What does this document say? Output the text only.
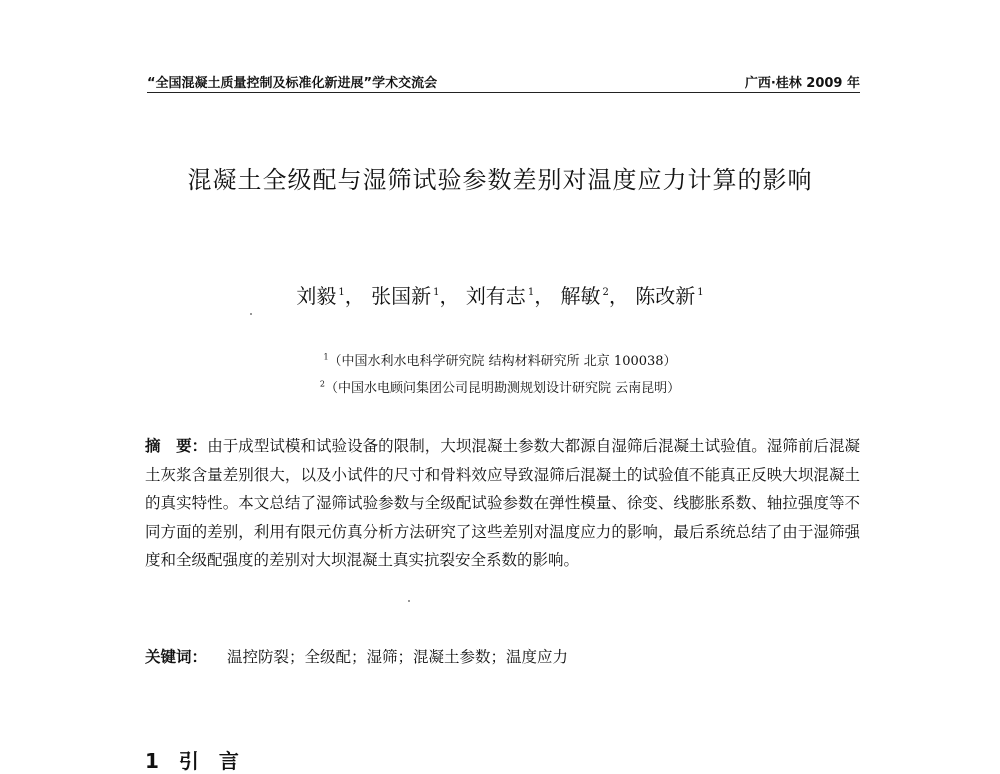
“全国混凝土质量控制及标准化新进展”学术交流会	广西·桂林 2009 年
混凝土全级配与湿筛试验参数差别对温度应力计算的影响
刘毅 $^1$， 张国新 $^1$， 刘有志 $^1$， 解敏 $^2$， 陈改新 $^1$
$^1$（中国水利水电科学研究院 结构材料研究所 北京 100038）
$^2$（中国水电顾问集团公司昆明勘测规划设计研究院 云南昆明）
摘　要：由于成型试模和试验设备的限制，大坝混凝土参数大都源自湿筛后混凝土试验值。湿筛前后混凝土灰浆含量差别很大，以及小试件的尺寸和骨料效应导致湿筛后混凝土的试验值不能真正反映大坝混凝土的真实特性。本文总结了湿筛试验参数与全级配试验参数在弹性模量、徐变、线膨胀系数、轴拉强度等不同方面的差别，利用有限元仿真分析方法研究了这些差别对温度应力的影响，最后系统总结了由于湿筛强度和全级配强度的差别对大坝混凝土真实抗裂安全系数的影响。
关键词： 温控防裂；全级配；湿筛；混凝土参数；温度应力
1 引　言
